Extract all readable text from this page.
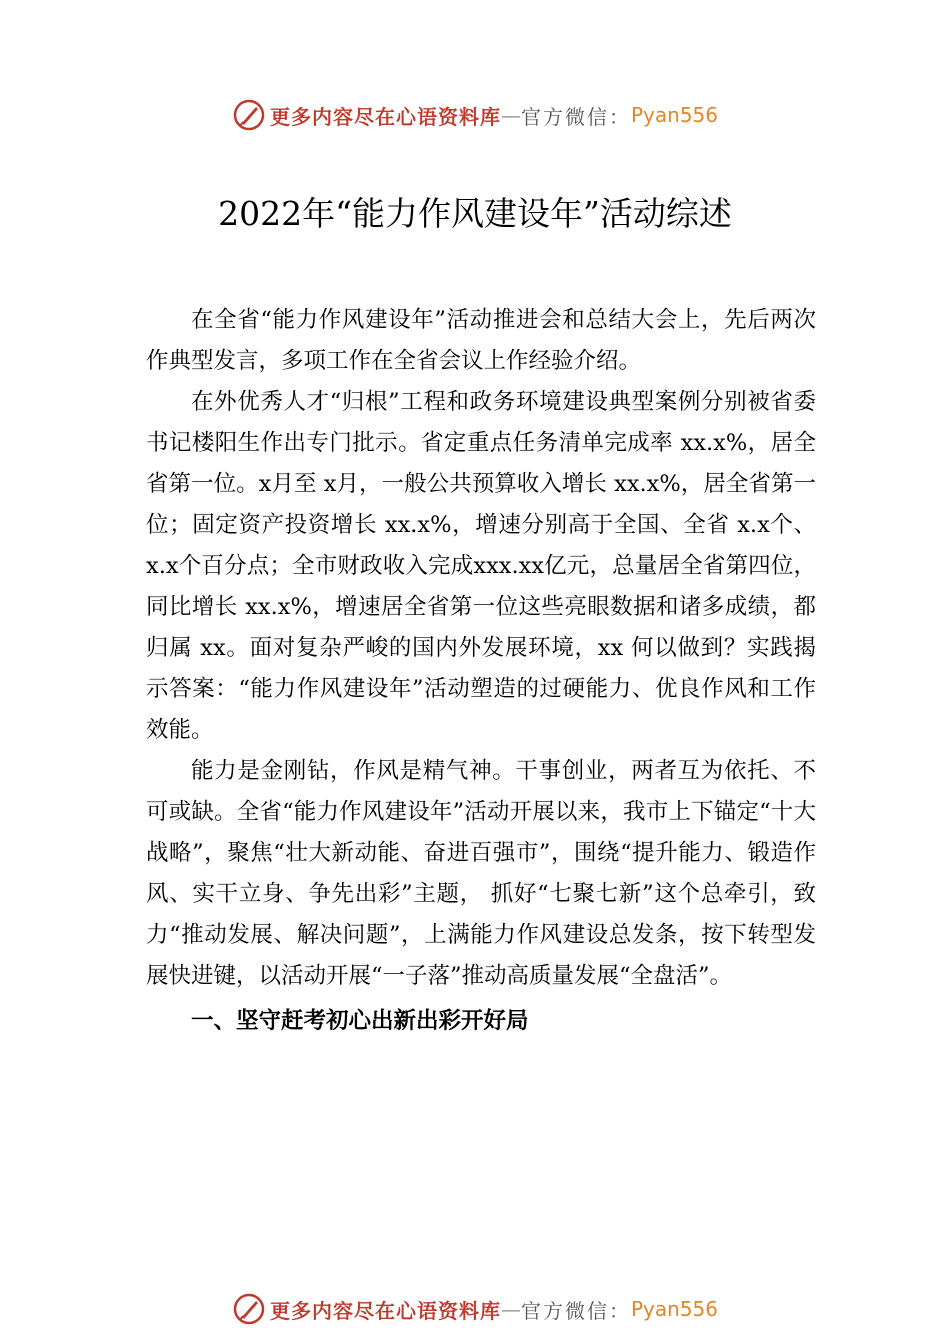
更多内容尽在心语资料库 — 官方微信： Pyan556
2022年“能力作风建设年”活动综述

在全省“能力作风建设年”活动推进会和总结大会上，先后两次作典型发言，多项工作在全省会议上作经验介绍。

在外优秀人才“归根”工程和政务环境建设典型案例分别被省委书记楼阳生作出专门批示。省定重点任务清单完成率 xx.x%，居全省第一位。x月至 x月，一般公共预算收入增长 xx.x%，居全省第一位；固定资产投资增长 xx.x%，增速分别高于全国、全省 x.x个、x.x个百分点；全市财政收入完成xxx.xx亿元，总量居全省第四位，同比增长 xx.x%，增速居全省第一位这些亮眼数据和诸多成绩，都归属 xx。面对复杂严峻的国内外发展环境，xx 何以做到？实践揭示答案：“能力作风建设年”活动塑造的过硬能力、优良作风和工作效能。

能力是金刚钻，作风是精气神。干事创业，两者互为依托、不可或缺。全省“能力作风建设年”活动开展以来，我市上下锚定“十大战略”，聚焦“壮大新动能、奋进百强市”，围绕“提升能力、锻造作风、实干立身、争先出彩”主题， 抓好“七聚七新”这个总牵引，致力“推动发展、解决问题”，上满能力作风建设总发条，按下转型发展快进键，以活动开展“一子落”推动高质量发展“全盘活”。

一、坚守赶考初心出新出彩开好局
更多内容尽在心语资料库 — 官方微信： Pyan556
